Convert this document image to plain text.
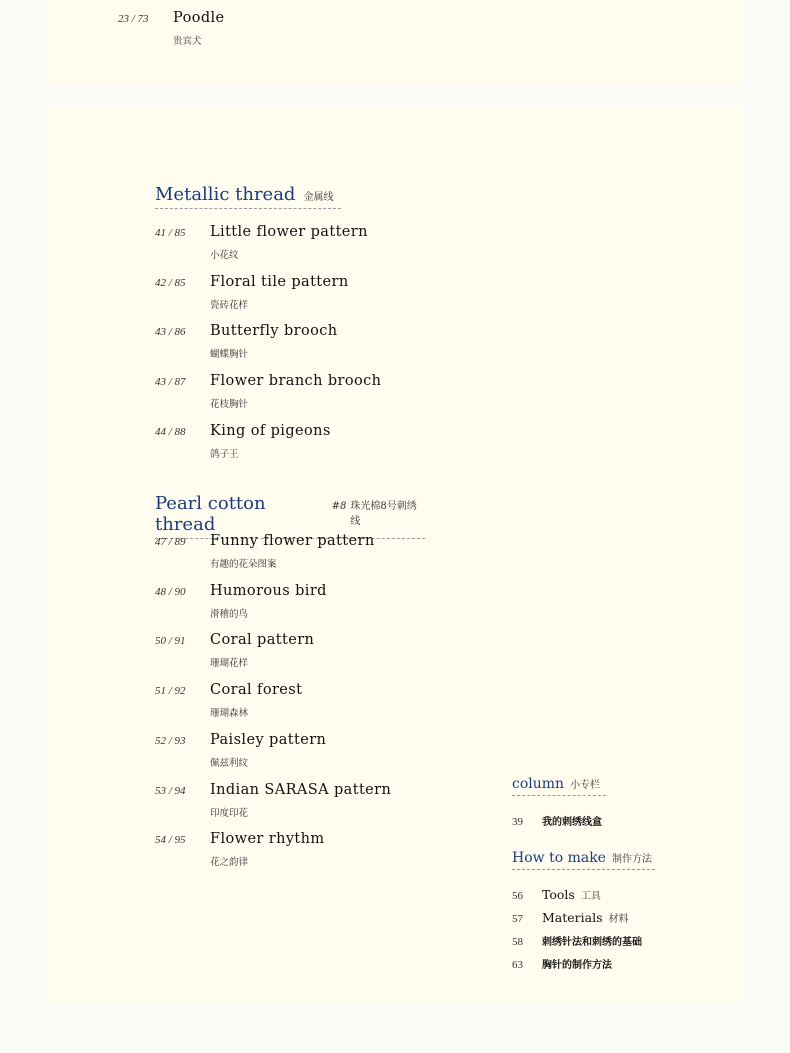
23 / 73	Poodle
贵宾犬
Metallic thread 金属线
41 / 85	Little flower pattern
小花纹
42 / 85	Floral tile pattern
瓷砖花样
43 / 86	Butterfly brooch
蝴蝶胸针
43 / 87	Flower branch brooch
花枝胸针
44 / 88	King of pigeons
鸽子王
Pearl cotton thread
#8 珠光棉8号刺绣线
47 / 89	Funny flower pattern
有趣的花朵图案
48 / 90	Humorous bird
滑稽的鸟
50 / 91	Coral pattern
珊瑚花样
51 / 92	Coral forest
珊瑚森林
52 / 93	Paisley pattern
佩兹利纹
53 / 94	Indian SARASA pattern
印度印花
54 / 95	Flower rhythm
花之韵律
column 小专栏
39	我的刺绣线盒
How to make 制作方法
56	Tools 工具
57	Materials 材料
58	刺绣针法和刺绣的基础
63	胸针的制作方法
